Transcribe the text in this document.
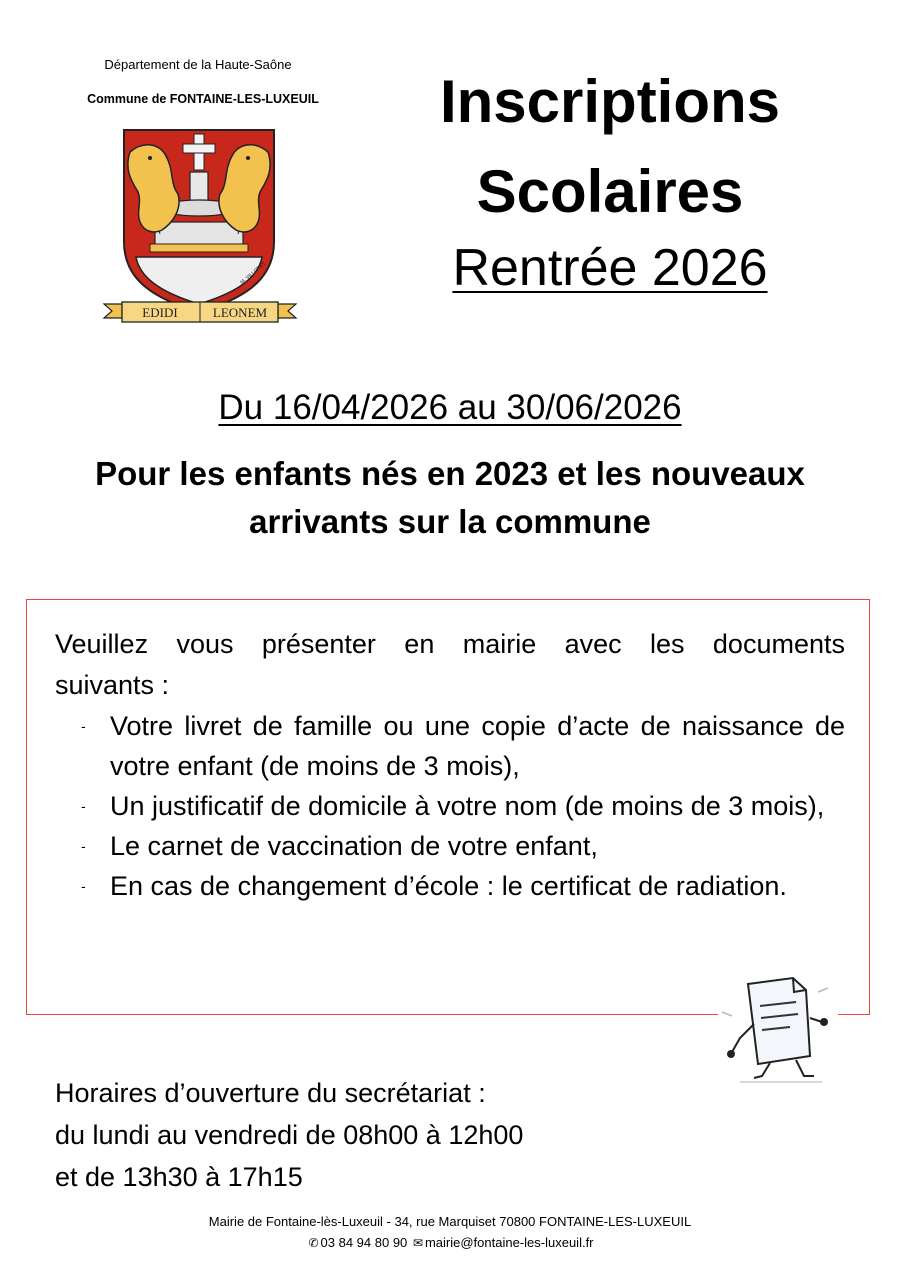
Département de la Haute-Saône
Commune de FONTAINE-LES-LUXEUIL
M. VILLORET
EDIDI	LEONEM
Inscriptions
Scolaires
Rentrée 2026
Du 16/04/2026 au 30/06/2026
Pour les enfants nés en 2023 et les nouveaux
arrivants sur la commune
Veuillez vous présenter en mairie avec les documents
suivants :
- Votre livret de famille ou une copie d’acte de naissance de votre enfant (de moins de 3 mois),
- Un justificatif de domicile à votre nom (de moins de 3 mois),
- Le carnet de vaccination de votre enfant,
- En cas de changement d’école : le certificat de radiation.
Horaires d’ouverture du secrétariat :
du lundi au vendredi de 08h00 à 12h00
et de 13h30 à 17h15
Mairie de Fontaine-lès-Luxeuil - 34, rue Marquiset 70800 FONTAINE-LES-LUXEUIL
✆ 03 84 94 80 90 ✉ mairie@fontaine-les-luxeuil.fr
